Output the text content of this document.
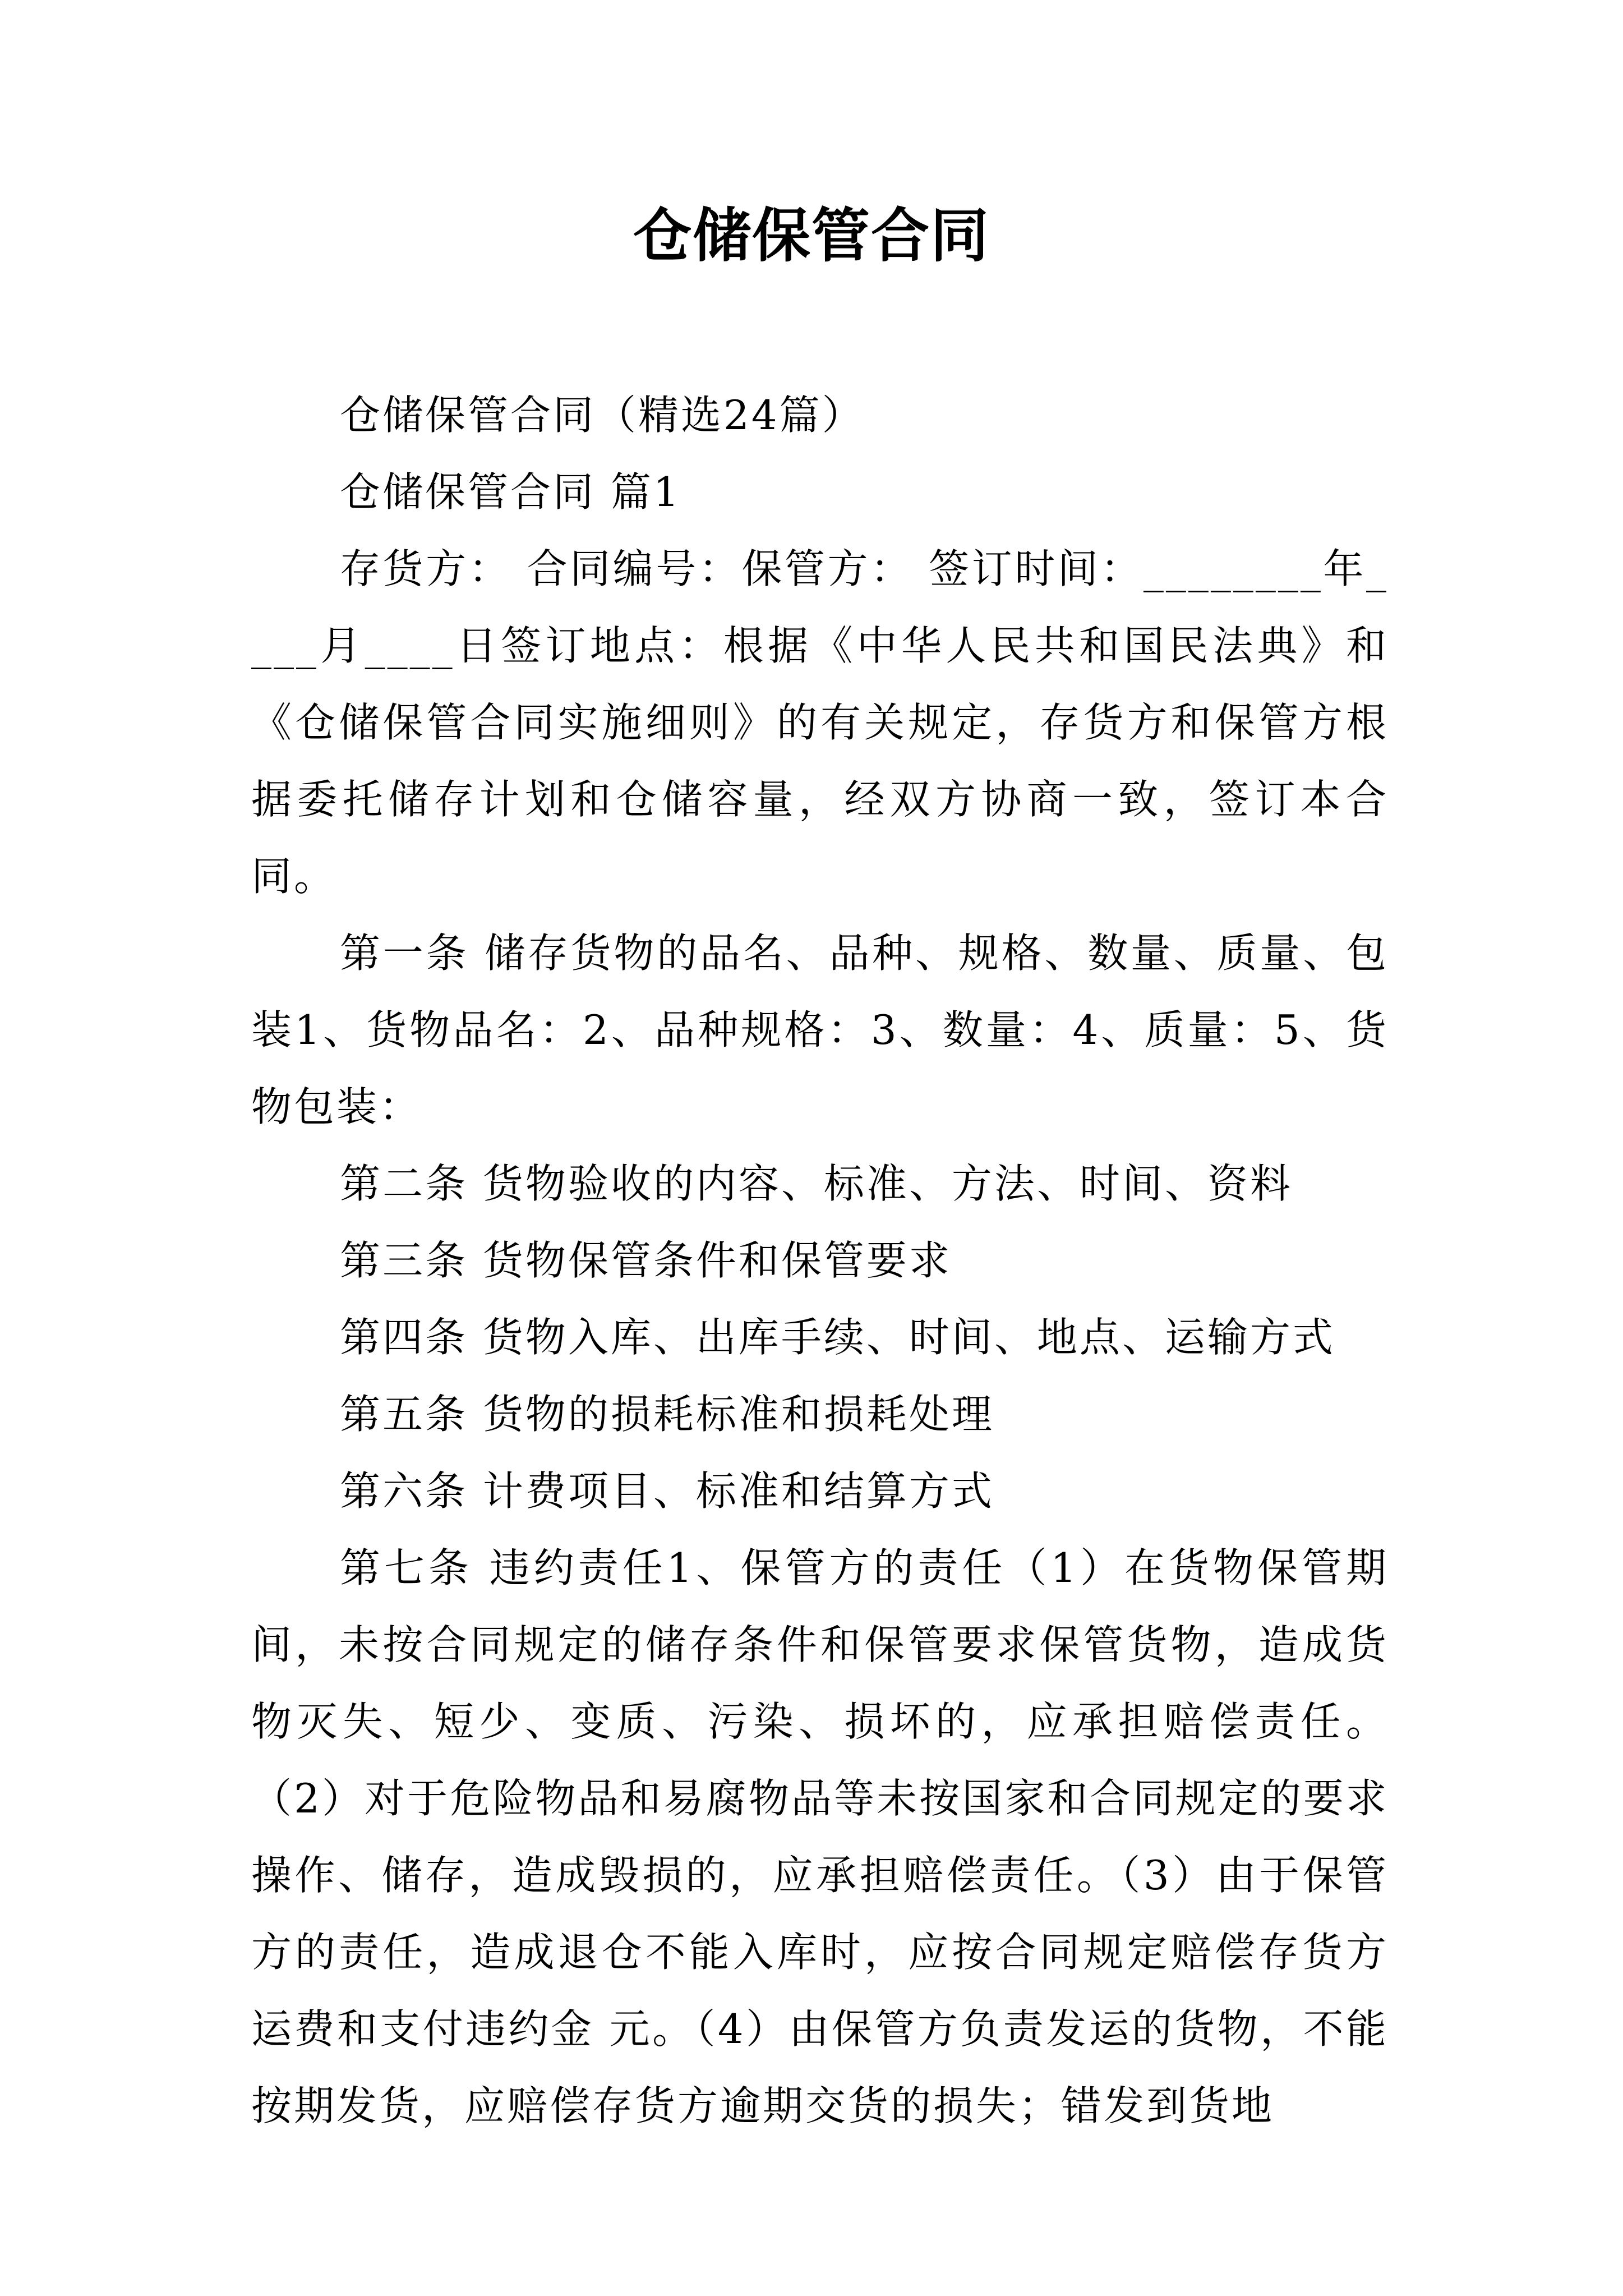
仓储保管合同

仓储保管合同（精选24篇）

仓储保管合同 篇1

存货方： 合同编号：保管方： 签订时间：________年____月____日签订地点：根据《中华人民共和国民法典》和《仓储保管合同实施细则》的有关规定，存货方和保管方根据委托储存计划和仓储容量，经双方协商一致，签订本合同。

第一条 储存货物的品名、品种、规格、数量、质量、包装1、货物品名：2、品种规格：3、数量：4、质量：5、货物包装：

第二条 货物验收的内容、标准、方法、时间、资料

第三条 货物保管条件和保管要求

第四条 货物入库、出库手续、时间、地点、运输方式

第五条 货物的损耗标准和损耗处理

第六条 计费项目、标准和结算方式

第七条 违约责任1、保管方的责任（1）在货物保管期间，未按合同规定的储存条件和保管要求保管货物，造成货物灭失、短少、变质、污染、损坏的，应承担赔偿责任。（2）对于危险物品和易腐物品等未按国家和合同规定的要求操作、储存，造成毁损的，应承担赔偿责任。（3）由于保管方的责任，造成退仓不能入库时，应按合同规定赔偿存货方运费和支付违约金 元。（4）由保管方负责发运的货物，不能按期发货，应赔偿存货方逾期交货的损失；错发到货地
